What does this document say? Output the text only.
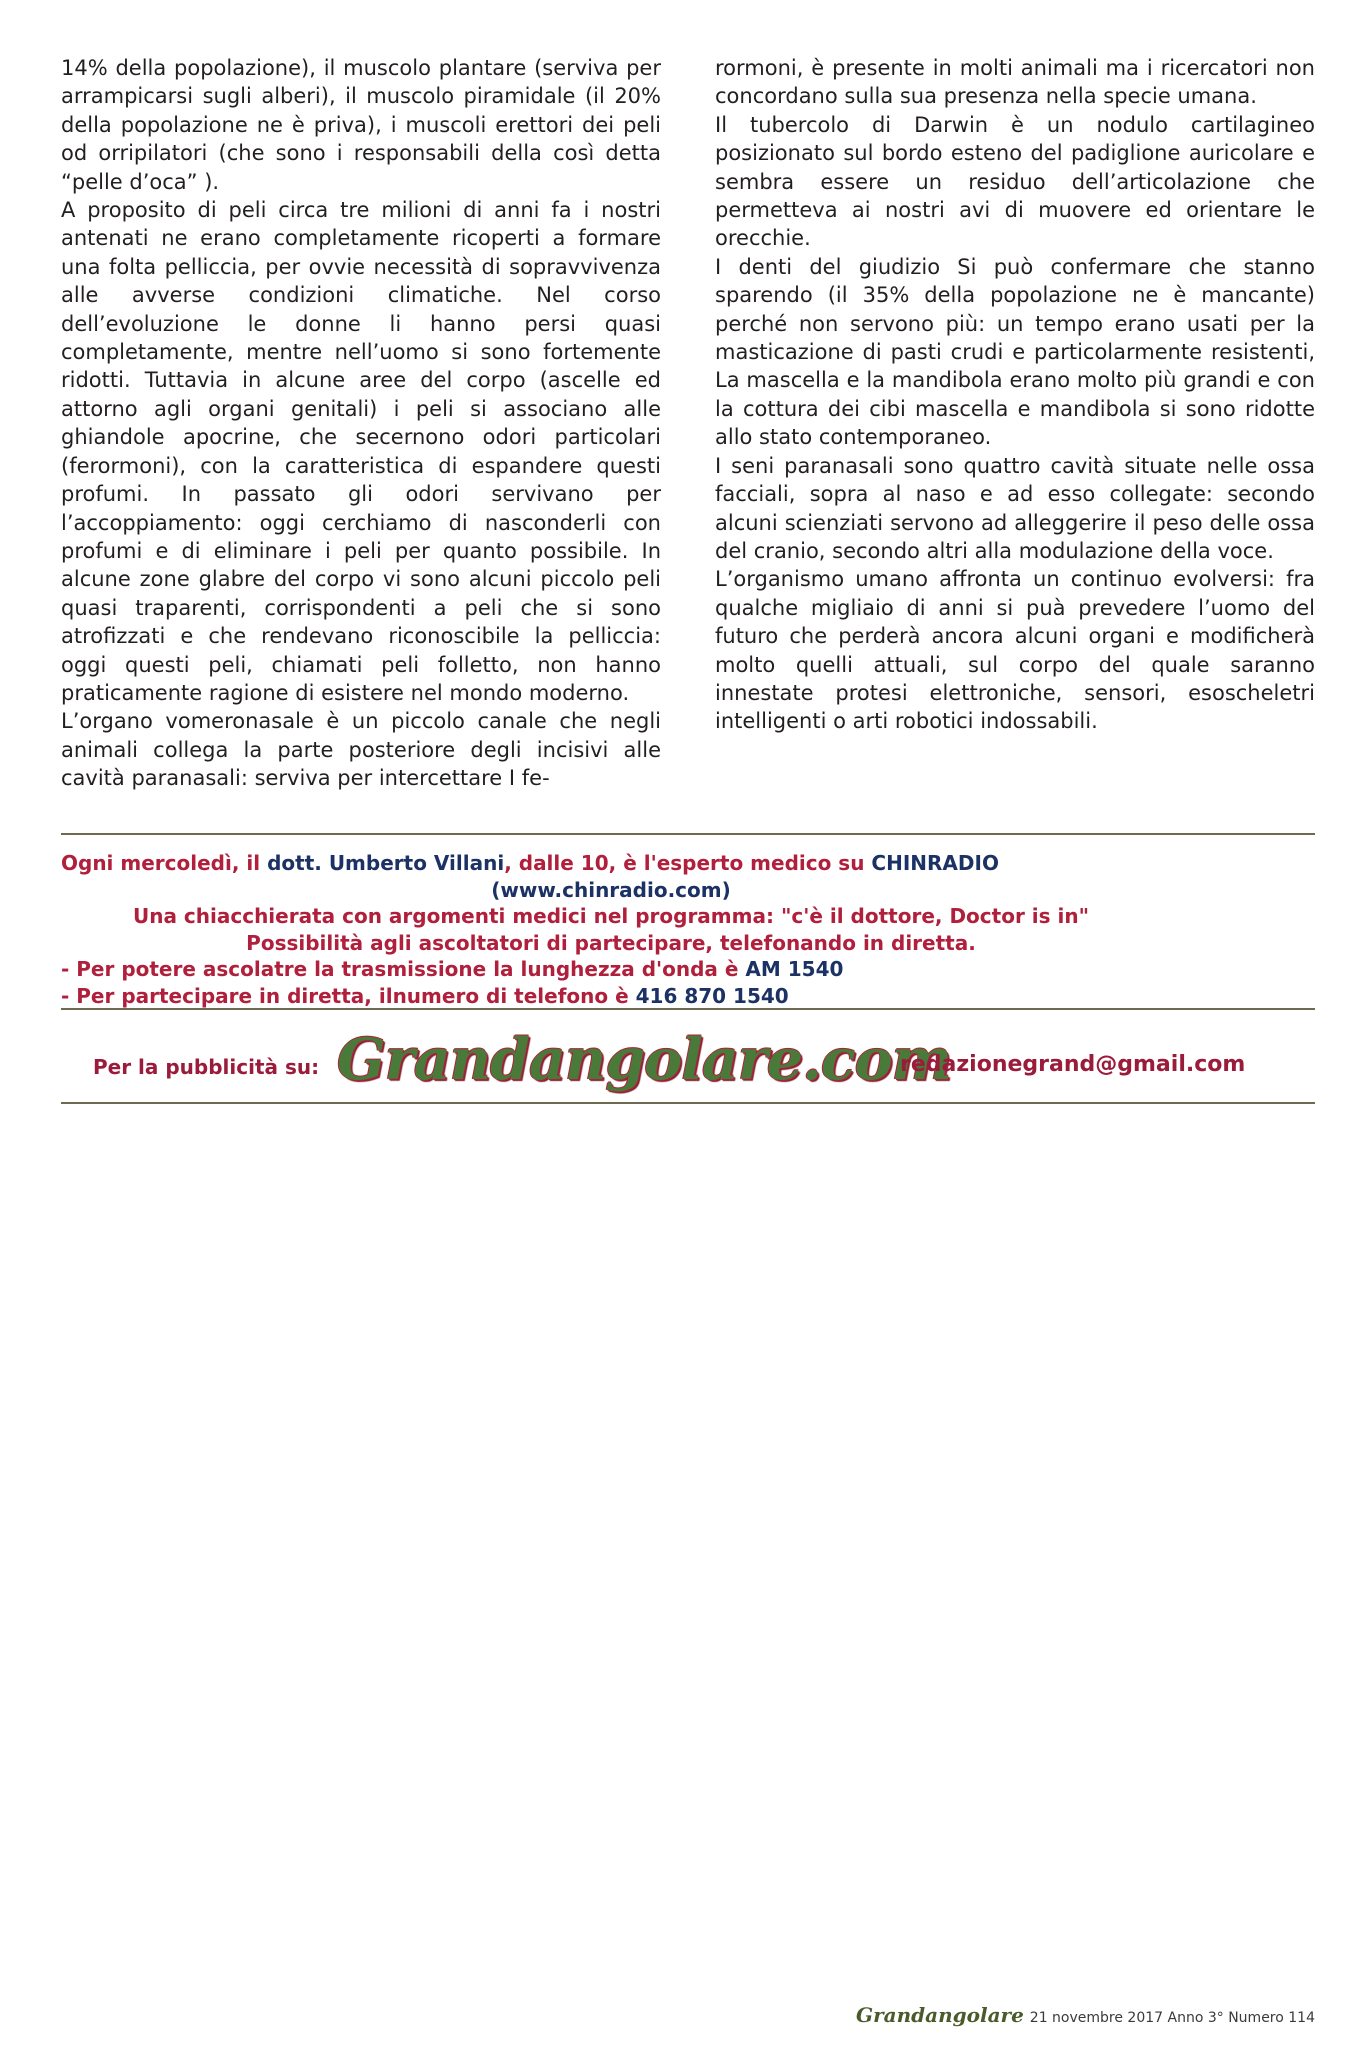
14% della popolazione), il muscolo plantare (serviva per arrampicarsi sugli alberi), il muscolo piramidale (il 20% della popolazione ne è priva), i muscoli erettori dei peli od orripilatori (che sono i responsabili della così detta “pelle d’oca” ).

A proposito di peli circa tre milioni di anni fa i nostri antenati ne erano completamente ricoperti a formare una folta pelliccia, per ovvie necessità di sopravvivenza alle avverse condizioni climatiche. Nel corso dell’evoluzione le donne li hanno persi quasi completamente, mentre nell’uomo si sono fortemente ridotti. Tuttavia in alcune aree del corpo (ascelle ed attorno agli organi genitali) i peli si associano alle ghiandole apocrine, che secernono odori particolari (ferormoni), con la caratteristica di espandere questi profumi. In passato gli odori servivano per l’accoppiamento: oggi cerchiamo di nasconderli con profumi e di eliminare i peli per quanto possibile. In alcune zone glabre del corpo vi sono alcuni piccolo peli quasi traparenti, corrispondenti a peli che si sono atrofizzati e che rendevano riconoscibile la pelliccia: oggi questi peli, chiamati peli folletto, non hanno praticamente ragione di esistere nel mondo moderno.

L’organo vomeronasale è un piccolo canale che negli animali collega la parte posteriore degli incisivi alle cavità paranasali: serviva per intercettare I fe-

rormoni, è presente in molti animali ma i ricercatori non concordano sulla sua presenza nella specie umana.

Il tubercolo di Darwin è un nodulo cartilagineo posizionato sul bordo esteno del padiglione auricolare e sembra essere un residuo dell’articolazione che permetteva ai nostri avi di muovere ed orientare le orecchie.

I denti del giudizio Si può confermare che stanno sparendo (il 35% della popolazione ne è mancante) perché non servono più: un tempo erano usati per la masticazione di pasti crudi e particolarmente resistenti, La mascella e la mandibola erano molto più grandi e con la cottura dei cibi mascella e mandibola si sono ridotte allo stato contemporaneo.

I seni paranasali sono quattro cavità situate nelle ossa facciali, sopra al naso e ad esso collegate: secondo alcuni scienziati servono ad alleggerire il peso delle ossa del cranio, secondo altri alla modulazione della voce.

L’organismo umano affronta un continuo evolversi: fra qualche migliaio di anni si puà prevedere l’uomo del futuro che perderà ancora alcuni organi e modificherà molto quelli attuali, sul corpo del quale saranno innestate protesi elettroniche, sensori, esoscheletri intelligenti o arti robotici indossabili.

Ogni mercoledì, il dott. Umberto Villani, dalle 10, è l'esperto medico su CHINRADIO
(www.chinradio.com)
Una chiacchierata con argomenti medici nel programma: "c'è il dottore, Doctor is in"
Possibilità agli ascoltatori di partecipare, telefonando in diretta.
- Per potere ascolatre la trasmissione la lunghezza d'onda è AM 1540
- Per partecipare in diretta, ilnumero di telefono è 416 870 1540
Per la pubblicità su: Grandangolare.com
redazionegrand@gmail.com
Grandangolare 21 novembre 2017 Anno 3° Numero 114
